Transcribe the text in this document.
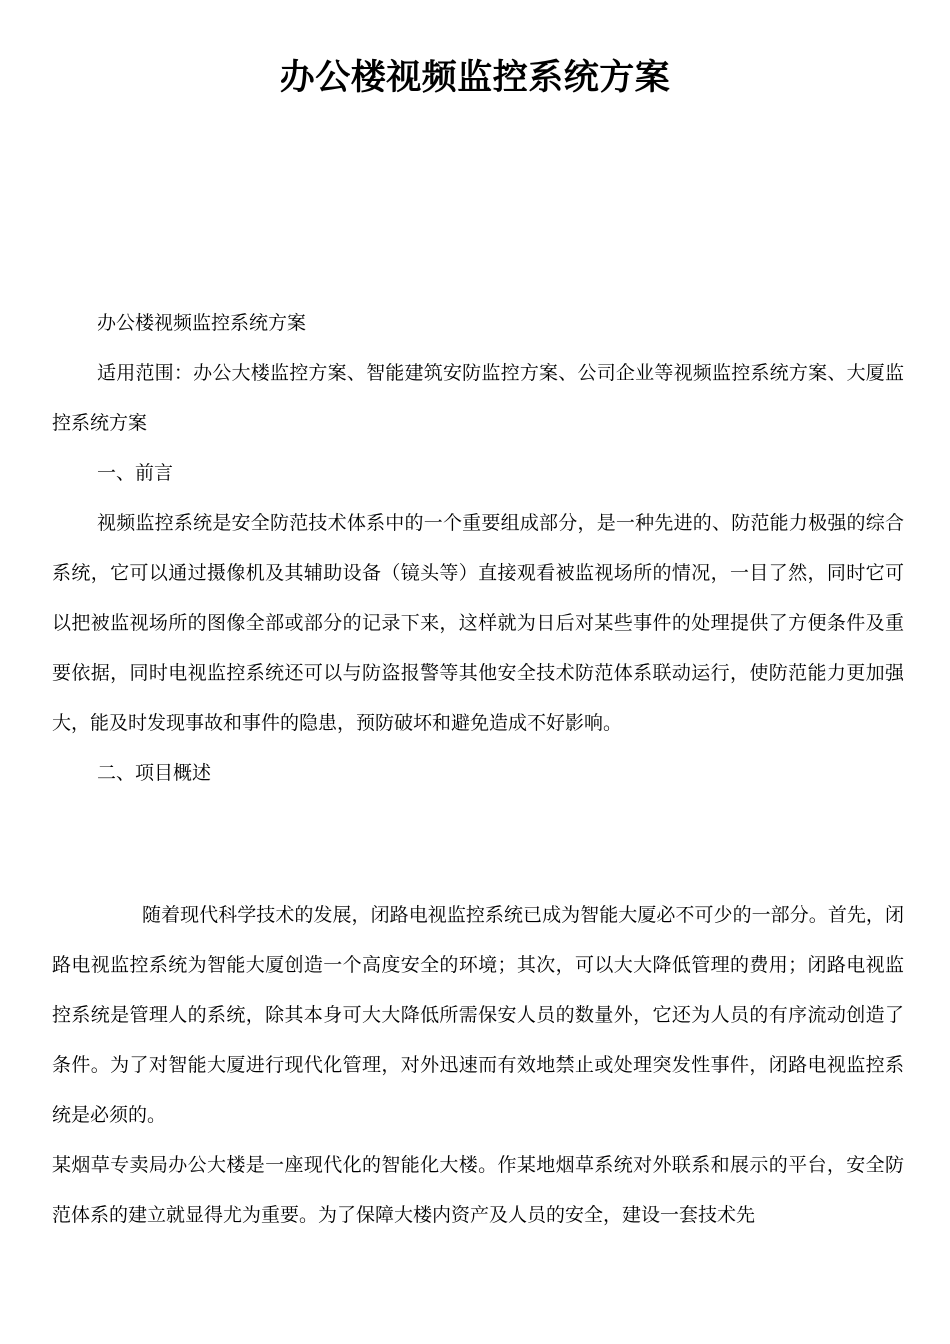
办公楼视频监控系统方案

办公楼视频监控系统方案

适用范围：办公大楼监控方案、智能建筑安防监控方案、公司企业等视频监控系统方案、大厦监控系统方案

一、前言

视频监控系统是安全防范技术体系中的一个重要组成部分，是一种先进的、防范能力极强的综合系统，它可以通过摄像机及其辅助设备（镜头等）直接观看被监视场所的情况，一目了然，同时它可以把被监视场所的图像全部或部分的记录下来，这样就为日后对某些事件的处理提供了方便条件及重要依据，同时电视监控系统还可以与防盗报警等其他安全技术防范体系联动运行，使防范能力更加强大，能及时发现事故和事件的隐患，预防破坏和避免造成不好影响。

二、项目概述

随着现代科学技术的发展，闭路电视监控系统已成为智能大厦必不可少的一部分。首先，闭路电视监控系统为智能大厦创造一个高度安全的环境；其次，可以大大降低管理的费用；闭路电视监控系统是管理人的系统，除其本身可大大降低所需保安人员的数量外，它还为人员的有序流动创造了条件。为了对智能大厦进行现代化管理，对外迅速而有效地禁止或处理突发性事件，闭路电视监控系统是必须的。

某烟草专卖局办公大楼是一座现代化的智能化大楼。作某地烟草系统对外联系和展示的平台，安全防范体系的建立就显得尤为重要。为了保障大楼内资产及人员的安全，建设一套技术先
